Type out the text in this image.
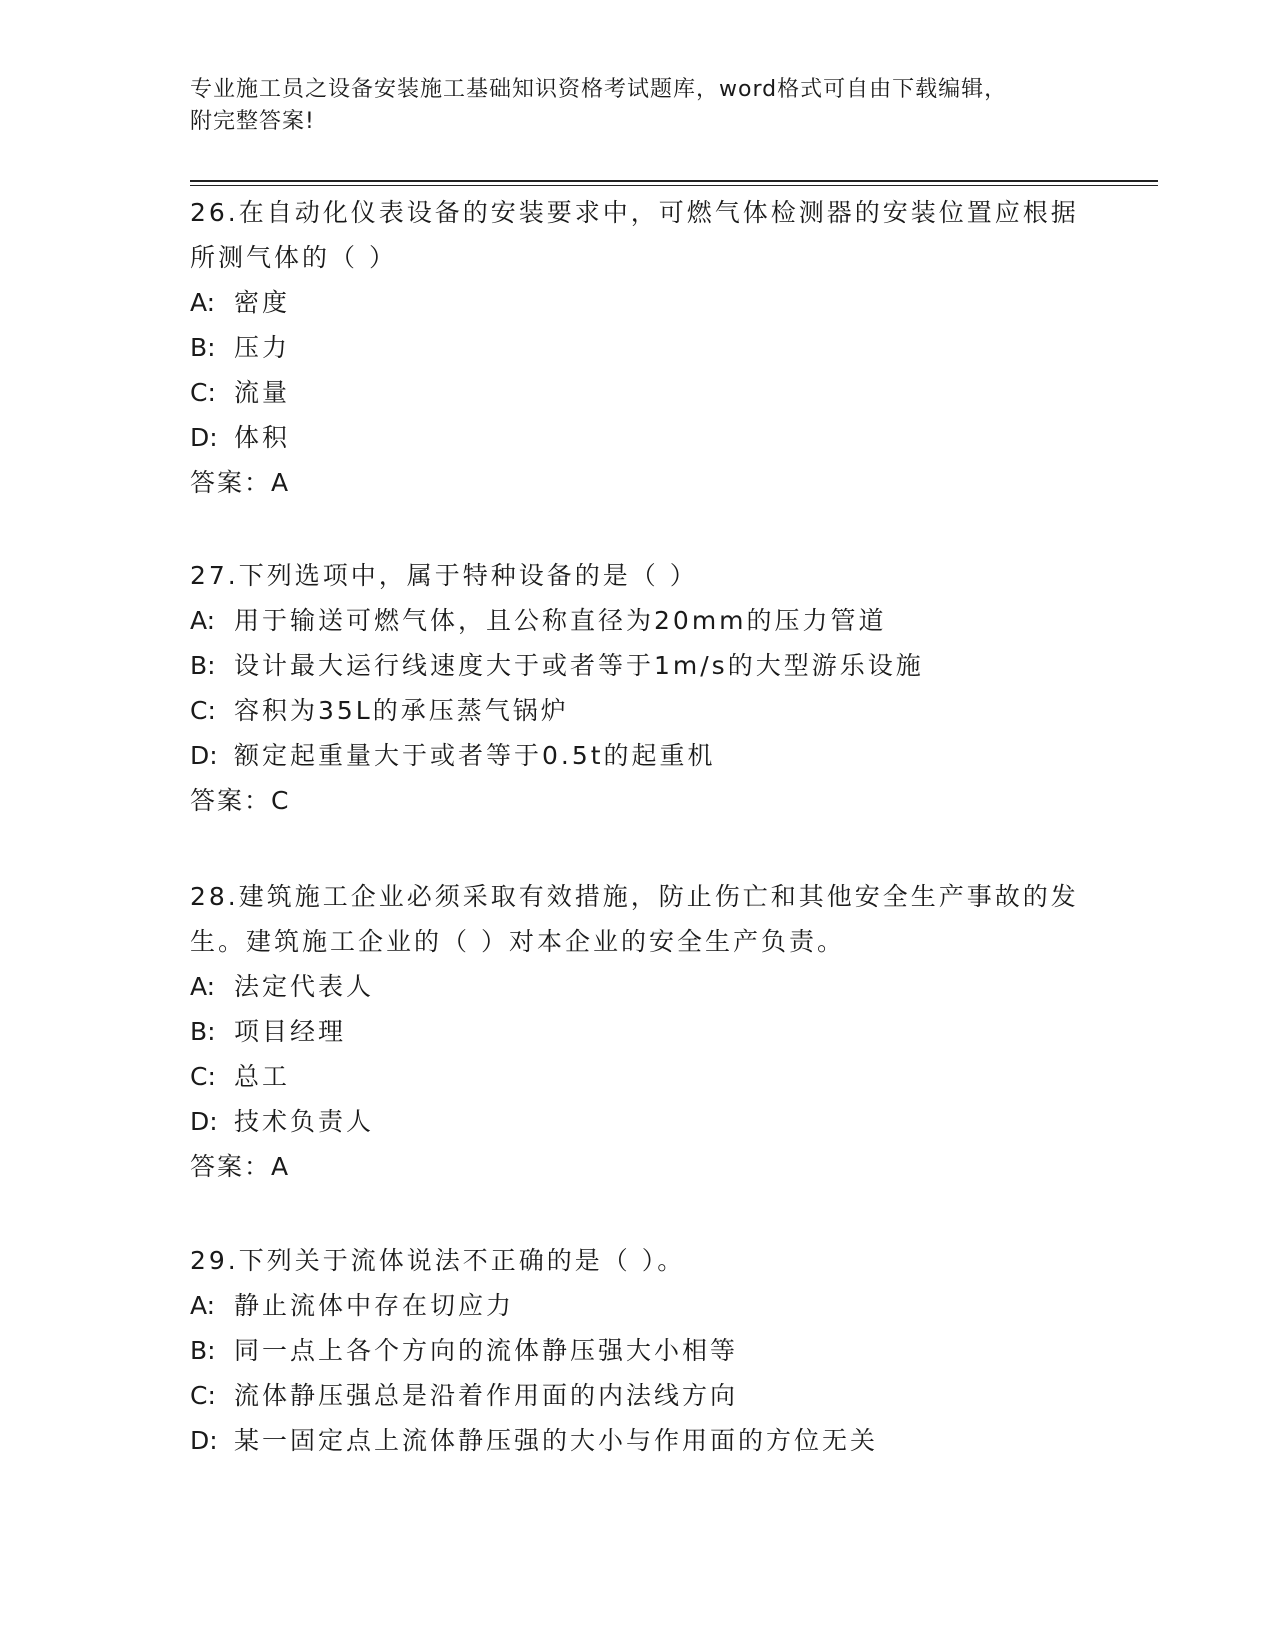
专业施工员之设备安装施工基础知识资格考试题库，word格式可自由下载编辑，
附完整答案!

26.在自动化仪表设备的安装要求中，可燃气体检测器的安装位置应根据所测气体的（ ）

A: 密度

B: 压力

C: 流量

D: 体积

答案：A

27.下列选项中，属于特种设备的是（ ）

A: 用于输送可燃气体，且公称直径为20mm的压力管道

B: 设计最大运行线速度大于或者等于1m/s的大型游乐设施

C: 容积为35L的承压蒸气锅炉

D: 额定起重量大于或者等于0.5t的起重机

答案：C

28.建筑施工企业必须采取有效措施，防止伤亡和其他安全生产事故的发生。建筑施工企业的（ ）对本企业的安全生产负责。

A: 法定代表人

B: 项目经理

C: 总工

D: 技术负责人

答案：A

29.下列关于流体说法不正确的是（ ）。

A: 静止流体中存在切应力

B: 同一点上各个方向的流体静压强大小相等

C: 流体静压强总是沿着作用面的内法线方向

D: 某一固定点上流体静压强的大小与作用面的方位无关
